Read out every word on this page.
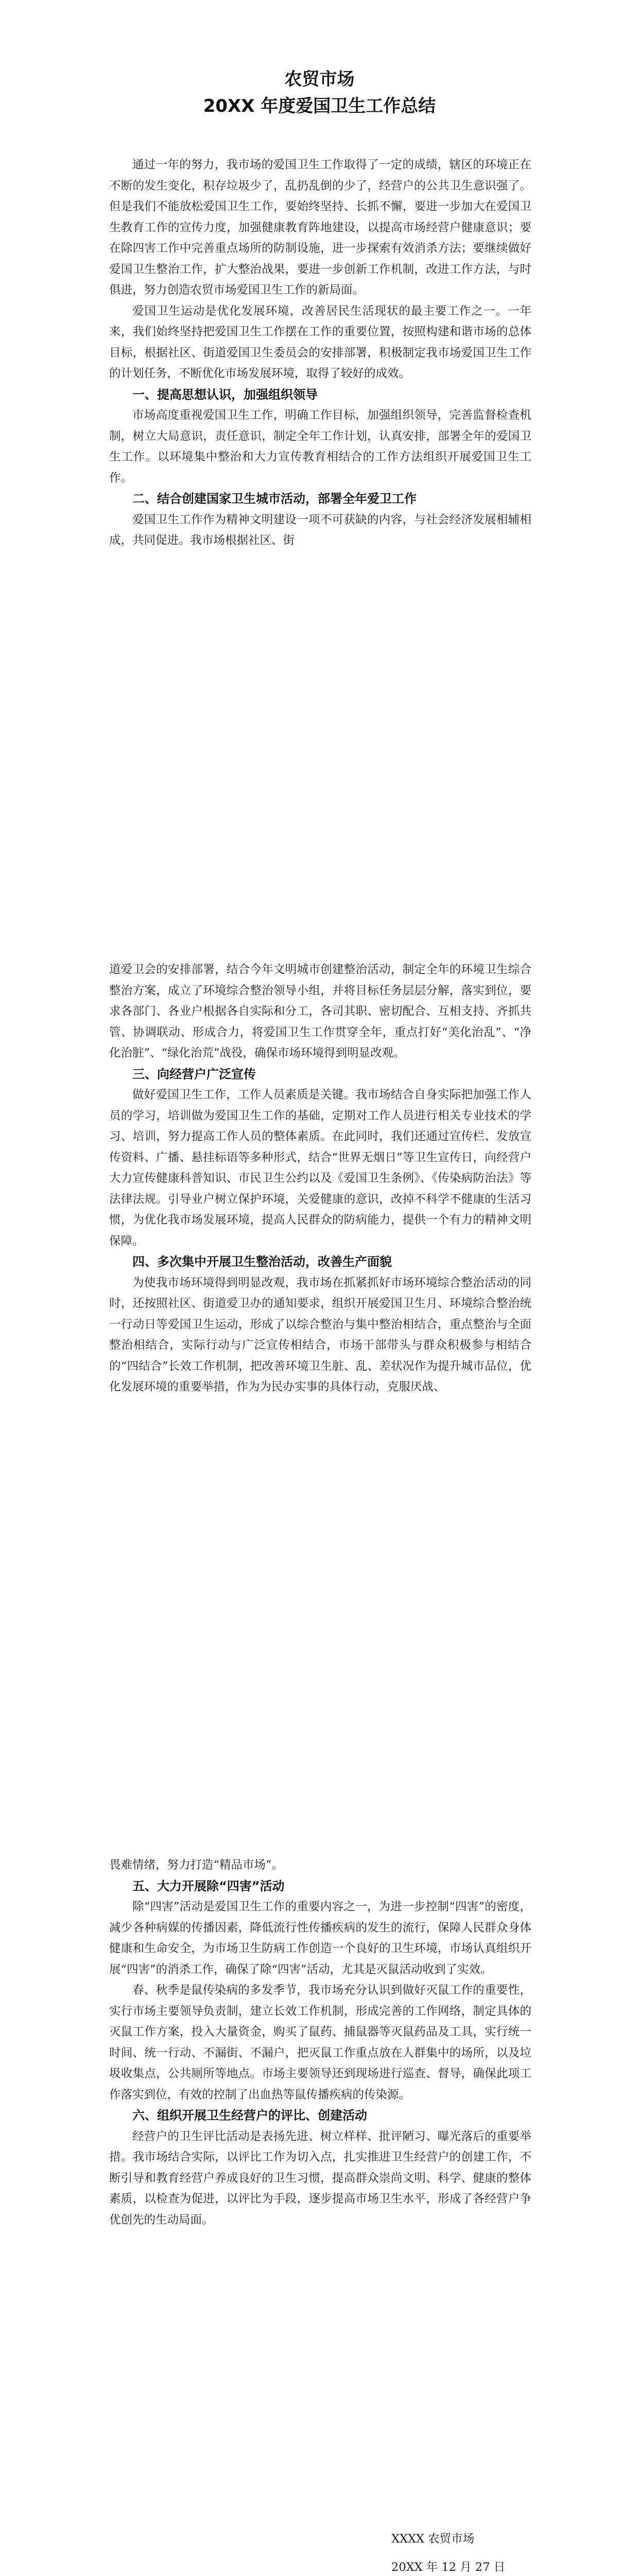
农贸市场
20XX 年度爱国卫生工作总结

通过一年的努力，我市场的爱国卫生工作取得了一定的成绩，辖区的环境正在不断的发生变化，积存垃圾少了，乱扔乱倒的少了，经营户的公共卫生意识强了。但是我们不能放松爱国卫生工作，要始终坚持、长抓不懈，要进一步加大在爱国卫生教育工作的宣传力度，加强健康教育阵地建设，以提高市场经营户健康意识；要在除四害工作中完善重点场所的防制设施，进一步探索有效消杀方法；要继续做好爱国卫生整治工作，扩大整治战果，要进一步创新工作机制，改进工作方法，与时俱进，努力创造农贸市场爱国卫生工作的新局面。

爱国卫生运动是优化发展环境，改善居民生活现状的最主要工作之一。一年来，我们始终坚持把爱国卫生工作摆在工作的重要位置，按照构建和谐市场的总体目标，根据社区、街道爱国卫生委员会的安排部署，积极制定我市场爱国卫生工作的计划任务，不断优化市场发展环境，取得了较好的成效。

一、提高思想认识，加强组织领导

市场高度重视爱国卫生工作，明确工作目标，加强组织领导，完善监督检查机制，树立大局意识，责任意识，制定全年工作计划，认真安排，部署全年的爱国卫生工作。以环境集中整治和大力宣传教育相结合的工作方法组织开展爱国卫生工作。

二、结合创建国家卫生城市活动，部署全年爱卫工作

爱国卫生工作作为精神文明建设一项不可获缺的内容，与社会经济发展相辅相成，共同促进。我市场根据社区、街

道爱卫会的安排部署，结合今年文明城市创建整治活动，制定全年的环境卫生综合整治方案，成立了环境综合整治领导小组，并将目标任务层层分解，落实到位，要求各部门、各业户根据各自实际和分工，各司其职、密切配合、互相支持、齐抓共管、协调联动、形成合力，将爱国卫生工作贯穿全年，重点打好“美化治乱”、“净化治脏”、“绿化治荒”战役，确保市场环境得到明显改观。

三、向经营户广泛宣传

做好爱国卫生工作，工作人员素质是关键。我市场结合自身实际把加强工作人员的学习，培训做为爱国卫生工作的基础，定期对工作人员进行相关专业技术的学习、培训，努力提高工作人员的整体素质。在此同时，我们还通过宣传栏、发放宣传资料、广播、悬挂标语等多种形式，结合“世界无烟日”等卫生宣传日，向经营户大力宣传健康科普知识、市民卫生公约以及《爱国卫生条例》、《传染病防治法》等法律法规。引导业户树立保护环境，关爱健康的意识，改掉不科学不健康的生活习惯，为优化我市场发展环境，提高人民群众的防病能力，提供一个有力的精神文明保障。

四、多次集中开展卫生整治活动，改善生产面貌

为使我市场环境得到明显改观，我市场在抓紧抓好市场环境综合整治活动的同时，还按照社区、街道爱卫办的通知要求，组织开展爱国卫生月、环境综合整治统一行动日等爱国卫生运动，形成了以综合整治与集中整治相结合，重点整治与全面整治相结合，实际行动与广泛宣传相结合，市场干部带头与群众积极参与相结合的“四结合”长效工作机制，把改善环境卫生脏、乱、差状况作为提升城市品位，优化发展环境的重要举措，作为为民办实事的具体行动，克服厌战、

畏难情绪，努力打造“精品市场”。

五、大力开展除“四害”活动

除“四害”活动是爱国卫生工作的重要内容之一，为进一步控制“四害”的密度，减少各种病媒的传播因素，降低流行性传播疾病的发生的流行，保障人民群众身体健康和生命安全，为市场卫生防病工作创造一个良好的卫生环境，市场认真组织开展“四害”的消杀工作，确保了除“四害”活动，尤其是灭鼠活动收到了实效。

春、秋季是鼠传染病的多发季节，我市场充分认识到做好灭鼠工作的重要性，实行市场主要领导负责制，建立长效工作机制，形成完善的工作网络，制定具体的灭鼠工作方案，投入大量资金，购买了鼠药、捕鼠器等灭鼠药品及工具，实行统一时间、统一行动、不漏街、不漏户，把灭鼠工作重点放在人群集中的场所，以及垃圾收集点，公共厕所等地点。市场主要领导还到现场进行巡查、督导，确保此项工作落实到位，有效的控制了出血热等鼠传播疾病的传染源。

六、组织开展卫生经营户的评比、创建活动

经营户的卫生评比活动是表扬先进、树立样样、批评陋习、曝光落后的重要举措。我市场结合实际，以评比工作为切入点，扎实推进卫生经营户的创建工作，不断引导和教育经营户养成良好的卫生习惯，提高群众崇尚文明、科学、健康的整体素质，以检查为促进，以评比为手段，逐步提高市场卫生水平，形成了各经营户争优创先的生动局面。

XXXX 农贸市场
20XX 年 12 月 27 日
